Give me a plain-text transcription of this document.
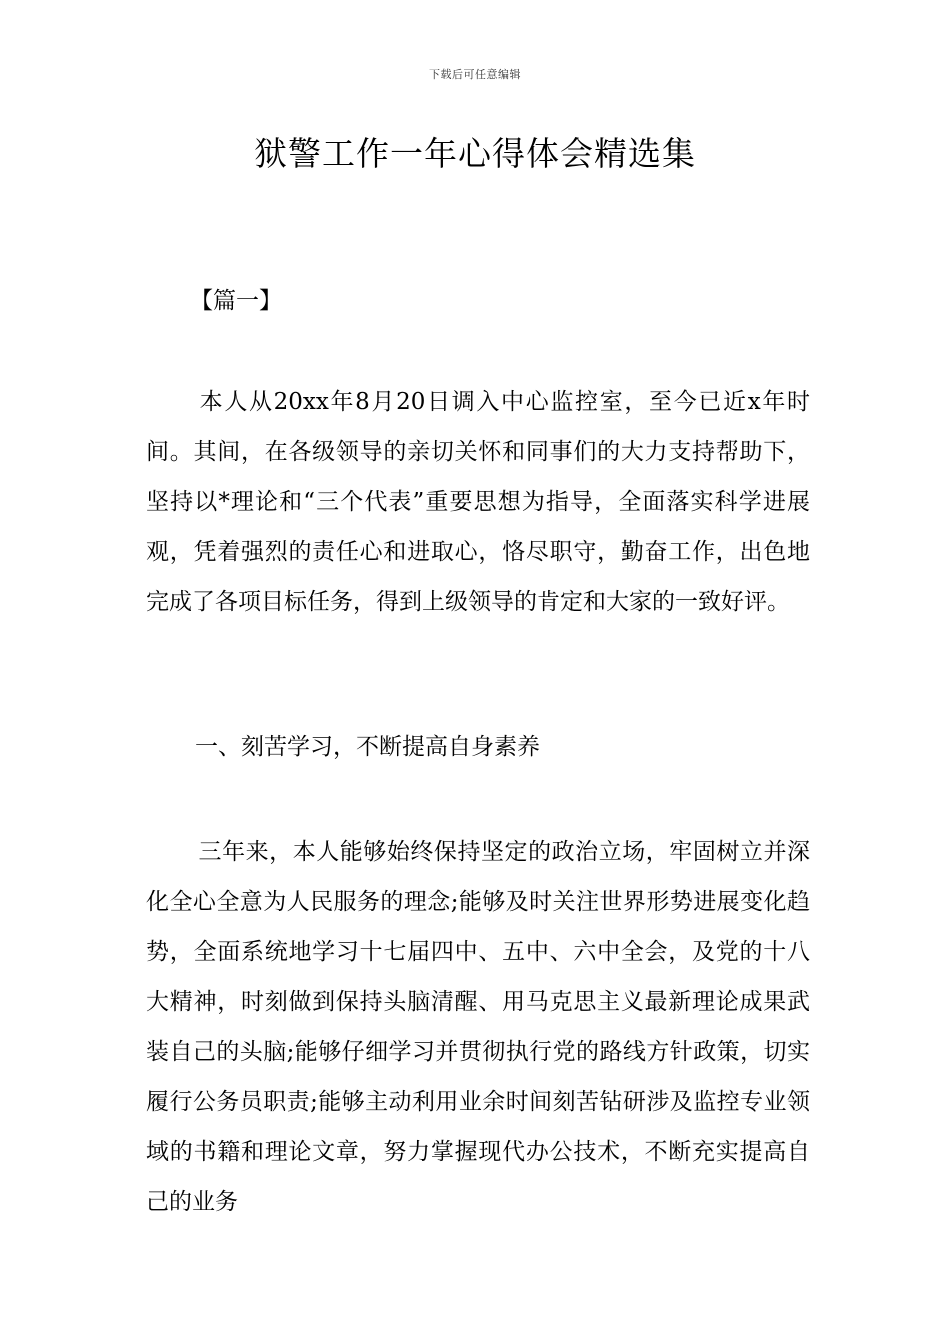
下载后可任意编辑
狱警工作一年心得体会精选集
【篇一】

本人从20xx年8月20日调入中心监控室，至今已近x年时间。其间，在各级领导的亲切关怀和同事们的大力支持帮助下，坚持以*理论和“三个代表”重要思想为指导，全面落实科学进展观，凭着强烈的责任心和进取心，恪尽职守，勤奋工作，出色地完成了各项目标任务，得到上级领导的肯定和大家的一致好评。

一、刻苦学习，不断提高自身素养

三年来，本人能够始终保持坚定的政治立场，牢固树立并深化全心全意为人民服务的理念;能够及时关注世界形势进展变化趋势，全面系统地学习十七届四中、五中、六中全会，及党的十八大精神，时刻做到保持头脑清醒、用马克思主义最新理论成果武装自己的头脑;能够仔细学习并贯彻执行党的路线方针政策，切实履行公务员职责;能够主动利用业余时间刻苦钻研涉及监控专业领域的书籍和理论文章，努力掌握现代办公技术，不断充实提高自己的业务
